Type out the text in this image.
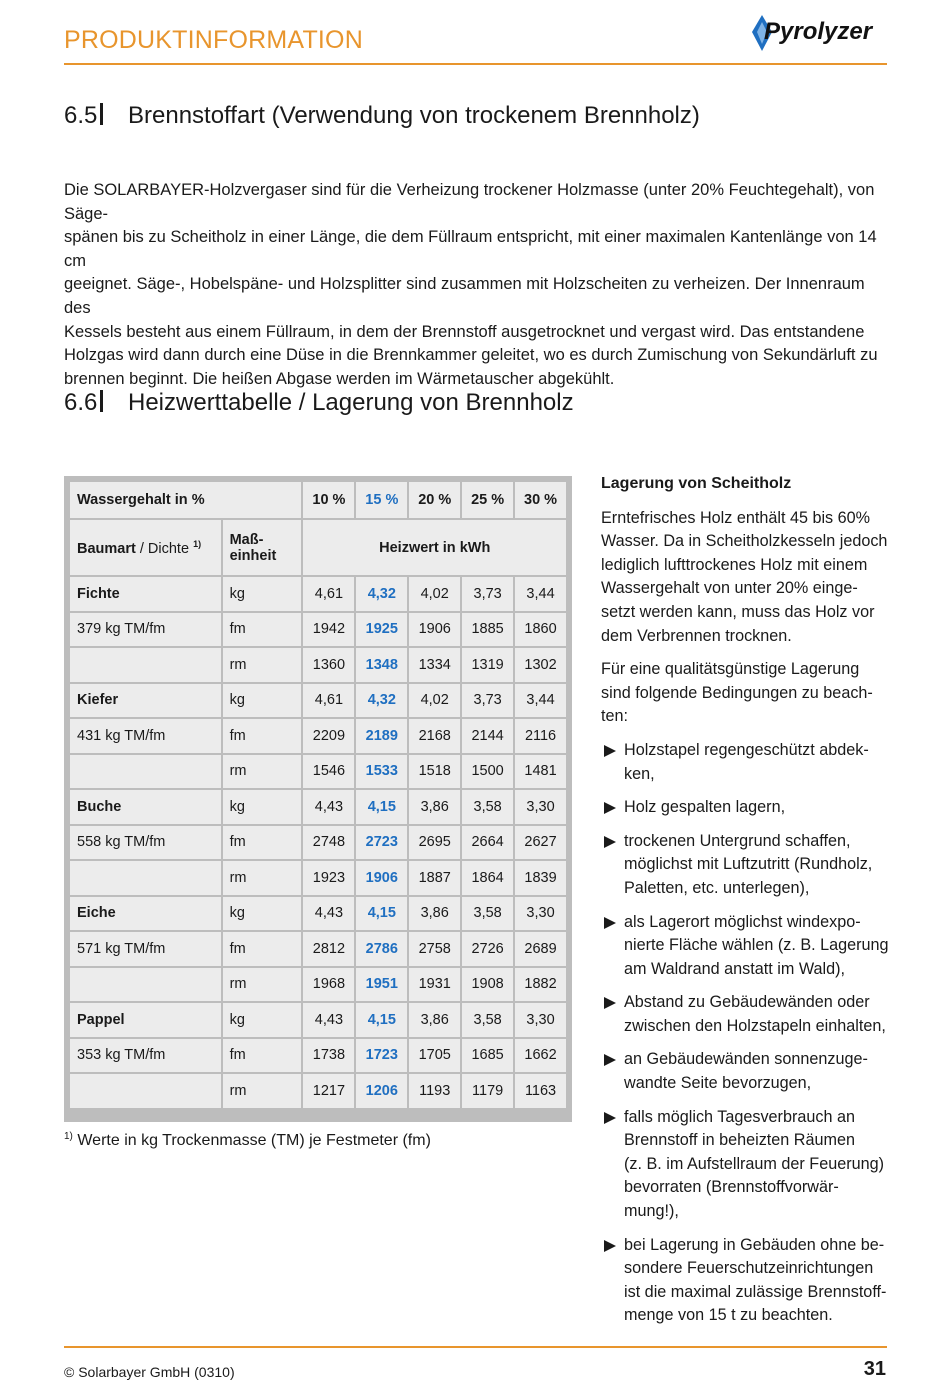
PRODUKTINFORMATION	Pyrolyzer
6.5 Brennstoffart (Verwendung von trockenem Brennholz)
Die SOLARBAYER-Holzvergaser sind für die Verheizung trockener Holzmasse (unter 20% Feuchtegehalt), von Säge-
spänen bis zu Scheitholz in einer Länge, die dem Füllraum entspricht, mit einer maximalen Kantenlänge von 14 cm
geeignet. Säge-, Hobelspäne- und Holzsplitter sind zusammen mit Holzscheiten zu verheizen. Der Innenraum des
Kessels besteht aus einem Füllraum, in dem der Brennstoff ausgetrocknet und vergast wird. Das entstandene
Holzgas wird dann durch eine Düse in die Brennkammer geleitet, wo es durch Zumischung von Sekundärluft zu
brennen beginnt. Die heißen Abgase werden im Wärmetauscher abgekühlt.
6.6 Heizwerttabelle / Lagerung von Brennholz
Wassergehalt in %		10 %	15 %	20 %	25 %	30 %
Baumart / Dichte $^{1)}$	Maß-
einheit	Heizwert in kWh				
Fichte	kg	4,61	4,32	4,02	3,73	3,44
379 kg TM/fm	fm	1942	1925	1906	1885	1860
	rm	1360	1348	1334	1319	1302
Kiefer	kg	4,61	4,32	4,02	3,73	3,44
431 kg TM/fm	fm	2209	2189	2168	2144	2116
	rm	1546	1533	1518	1500	1481
Buche	kg	4,43	4,15	3,86	3,58	3,30
558 kg TM/fm	fm	2748	2723	2695	2664	2627
	rm	1923	1906	1887	1864	1839
Eiche	kg	4,43	4,15	3,86	3,58	3,30
571 kg TM/fm	fm	2812	2786	2758	2726	2689
	rm	1968	1951	1931	1908	1882
Pappel	kg	4,43	4,15	3,86	3,58	3,30
353 kg TM/fm	fm	1738	1723	1705	1685	1662
	rm	1217	1206	1193	1179	1163
$^{1)}$ Werte in kg Trockenmasse (TM) je Festmeter (fm)
Lagerung von Scheitholz
Erntefrisches Holz enthält 45 bis 60%
Wasser. Da in Scheitholzkesseln jedoch
lediglich lufttrockenes Holz mit einem
Wassergehalt von unter 20% einge-
setzt werden kann, muss das Holz vor
dem Verbrennen trocknen.
Für eine qualitätsgünstige Lagerung
sind folgende Bedingungen zu beach-
ten:
Holzstapel regengeschützt abdek-
ken,
Holz gespalten lagern,
trockenen Untergrund schaffen,
möglichst mit Luftzutritt (Rundholz,
Paletten, etc. unterlegen),
als Lagerort möglichst windexpo-
nierte Fläche wählen (z. B. Lagerung
am Waldrand anstatt im Wald),
Abstand zu Gebäudewänden oder
zwischen den Holzstapeln einhalten,
an Gebäudewänden sonnenzuge-
wandte Seite bevorzugen,
falls möglich Tagesverbrauch an
Brennstoff in beheizten Räumen
(z. B. im Aufstellraum der Feuerung)
bevorraten (Brennstoffvorwär-
mung!),
bei Lagerung in Gebäuden ohne be-
sondere Feuerschutzeinrichtungen
ist die maximal zulässige Brennstoff-
menge von 15 t zu beachten.
© Solarbayer GmbH (0310)	31
